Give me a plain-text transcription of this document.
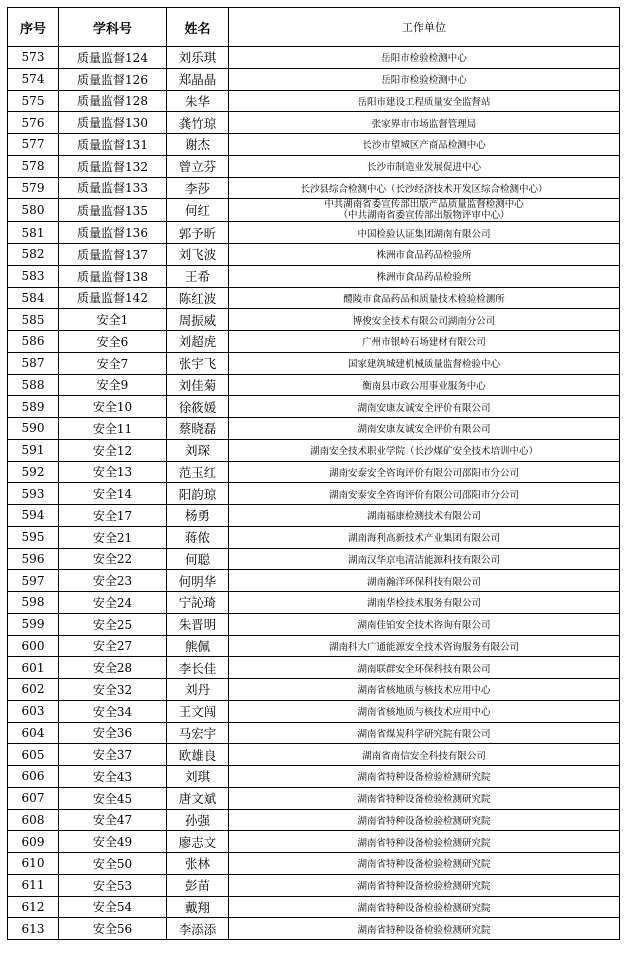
序号	学科号	姓名	工作单位
573	质量监督124	刘乐琪	岳阳市检验检测中心
574	质量监督126	郑晶晶	岳阳市检验检测中心
575	质量监督128	朱华	岳阳市建设工程质量安全监督站
576	质量监督130	龚竹琼	张家界市市场监督管理局
577	质量监督131	谢杰	长沙市望城区产商品检测中心
578	质量监督132	曾立芬	长沙市制造业发展促进中心
579	质量监督133	李莎	长沙县综合检测中心（长沙经济技术开发区综合检测中心）
580	质量监督135	何红	中共湖南省委宣传部出版产品质量监督检测中心
（中共湖南省委宣传部出版物评审中心）

581	质量监督136	郭予昕	中国检验认证集团湖南有限公司
582	质量监督137	刘飞波	株洲市食品药品检验所
583	质量监督138	王希	株洲市食品药品检验所
584	质量监督142	陈红波	醴陵市食品药品和质量技术检验检测所
585	安全1	周振威	博俊安全技术有限公司湖南分公司
586	安全6	刘超虎	广州市银岭石场建材有限公司
587	安全7	张宇飞	国家建筑城建机械质量监督检验中心
588	安全9	刘佳菊	衡南县市政公用事业服务中心
589	安全10	徐筱媛	湖南安康友诚安全评价有限公司
590	安全11	蔡晓磊	湖南安康友诚安全评价有限公司
591	安全12	刘琛	湖南安全技术职业学院（长沙煤矿安全技术培训中心）
592	安全13	范玉红	湖南安泰安全咨询评价有限公司邵阳市分公司
593	安全14	阳韵琼	湖南安泰安全咨询评价有限公司邵阳市分公司
594	安全17	杨勇	湖南福康检测技术有限公司
595	安全21	蒋侬	湖南海利高新技术产业集团有限公司
596	安全22	何聪	湖南汉华京电清洁能源科技有限公司
597	安全23	何明华	湖南瀚洋环保科技有限公司
598	安全24	宁訫琦	湖南华检技术服务有限公司
599	安全25	朱晋明	湖南佳铂安全技术咨询有限公司
600	安全27	熊佩	湖南科大广通能源安全技术咨询服务有限公司
601	安全28	李长佳	湖南联群安全环保科技有限公司
602	安全32	刘丹	湖南省核地质与核技术应用中心
603	安全34	王文闯	湖南省核地质与核技术应用中心
604	安全36	马宏宇	湖南省煤炭科学研究院有限公司
605	安全37	欧雄良	湖南省南信安全科技有限公司
606	安全43	刘琪	湖南省特种设备检验检测研究院
607	安全45	唐文斌	湖南省特种设备检验检测研究院
608	安全47	孙强	湖南省特种设备检验检测研究院
609	安全49	廖志文	湖南省特种设备检验检测研究院
610	安全50	张林	湖南省特种设备检验检测研究院
611	安全53	彭苗	湖南省特种设备检验检测研究院
612	安全54	戴翔	湖南省特种设备检验检测研究院
613	安全56	李添添	湖南省特种设备检验检测研究院
